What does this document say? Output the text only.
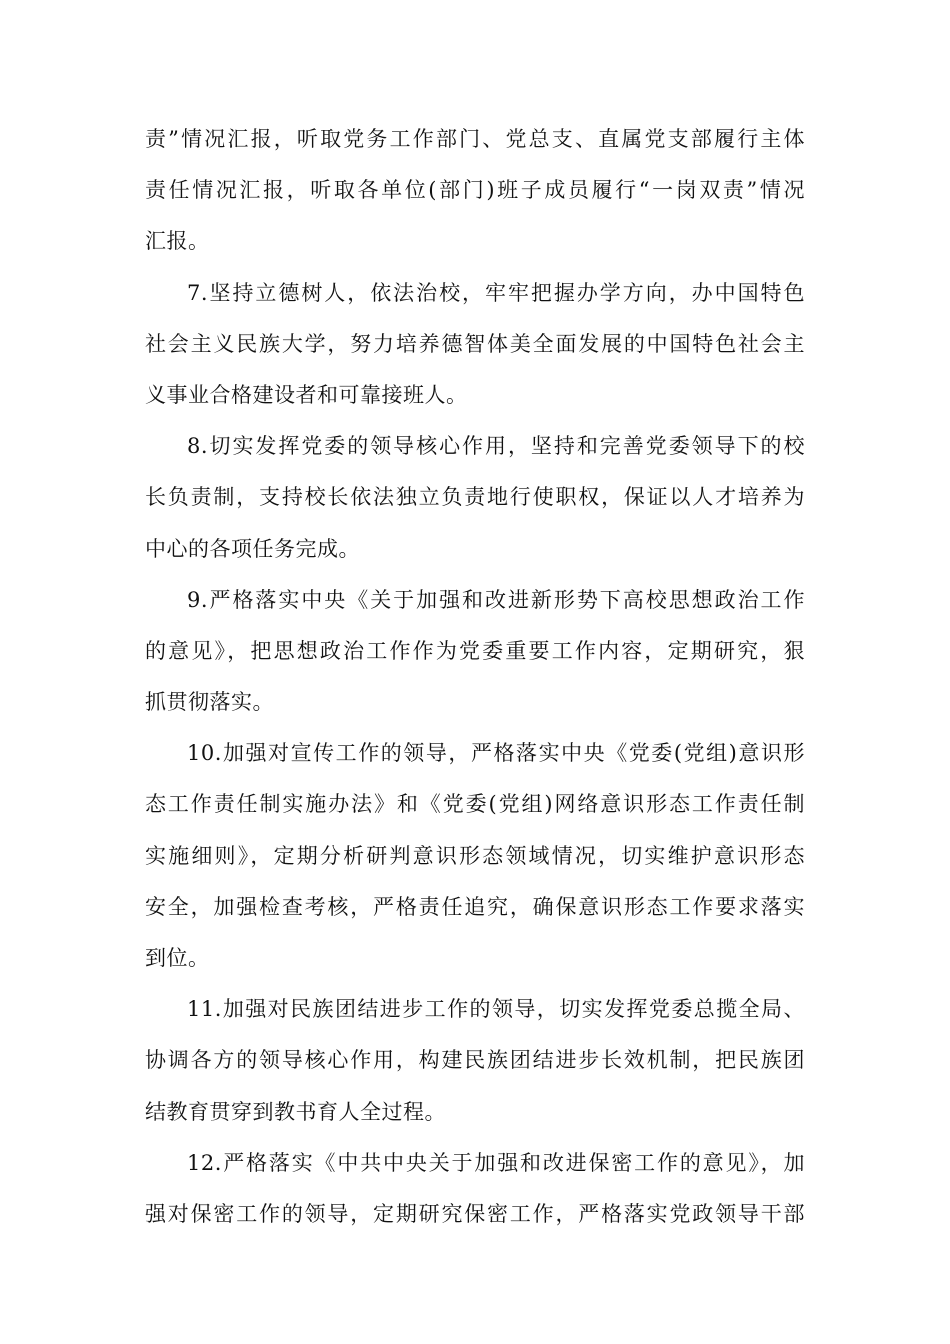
责”情况汇报，听取党务工作部门、党总支、直属党支部履行主体
责任情况汇报，听取各单位(部门)班子成员履行“一岗双责”情况
汇报。
7.坚持立德树人，依法治校，牢牢把握办学方向，办中国特色
社会主义民族大学，努力培养德智体美全面发展的中国特色社会主
义事业合格建设者和可靠接班人。
8.切实发挥党委的领导核心作用，坚持和完善党委领导下的校
长负责制，支持校长依法独立负责地行使职权，保证以人才培养为
中心的各项任务完成。
9.严格落实中央《关于加强和改进新形势下高校思想政治工作
的意见》，把思想政治工作作为党委重要工作内容，定期研究，狠
抓贯彻落实。
10.加强对宣传工作的领导，严格落实中央《党委(党组)意识形
态工作责任制实施办法》和《党委(党组)网络意识形态工作责任制
实施细则》，定期分析研判意识形态领域情况，切实维护意识形态
安全，加强检查考核，严格责任追究，确保意识形态工作要求落实
到位。
11.加强对民族团结进步工作的领导，切实发挥党委总揽全局、
协调各方的领导核心作用，构建民族团结进步长效机制，把民族团
结教育贯穿到教书育人全过程。
12.严格落实《中共中央关于加强和改进保密工作的意见》，加
强对保密工作的领导，定期研究保密工作，严格落实党政领导干部
